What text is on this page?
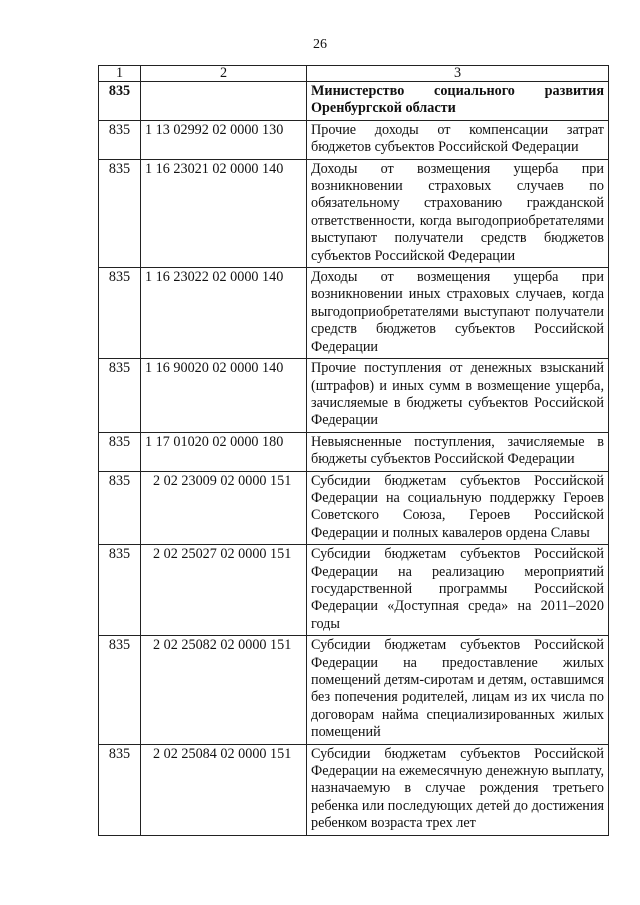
26
1	2	3
835		Министерство социального развития Оренбургской области
835	1 13 02992 02 0000 130	Прочие доходы от компенсации затрат бюджетов субъектов Российской Федерации
835	1 16 23021 02 0000 140	Доходы от возмещения ущерба при возникновении страховых случаев по обязательному страхованию гражданской ответственности, когда выгодоприобретателями выступают получатели средств бюджетов субъектов Российской Федерации
835	1 16 23022 02 0000 140	Доходы от возмещения ущерба при возникновении иных страховых случаев, когда выгодоприобретателями выступают получатели средств бюджетов субъектов Российской Федерации
835	1 16 90020 02 0000 140	Прочие поступления от денежных взысканий (штрафов) и иных сумм в возмещение ущерба, зачисляемые в бюджеты субъектов Российской Федерации
835	1 17 01020 02 0000 180	Невыясненные поступления, зачисляемые в бюджеты субъектов Российской Федерации
835	2 02 23009 02 0000 151	Субсидии бюджетам субъектов Российской Федерации на социальную поддержку Героев Советского Союза, Героев Российской Федерации и полных кавалеров ордена Славы
835	2 02 25027 02 0000 151	Субсидии бюджетам субъектов Российской Федерации на реализацию мероприятий государственной программы Российской Федерации «Доступная среда» на 2011–2020 годы
835	2 02 25082 02 0000 151	Субсидии бюджетам субъектов Российской Федерации на предоставление жилых помещений детям-сиротам и детям, оставшимся без попечения родителей, лицам из их числа по договорам найма специализированных жилых помещений
835	2 02 25084 02 0000 151	Субсидии бюджетам субъектов Российской Федерации на ежемесячную денежную выплату, назначаемую в случае рождения третьего ребенка или последующих детей до достижения ребенком возраста трех лет
